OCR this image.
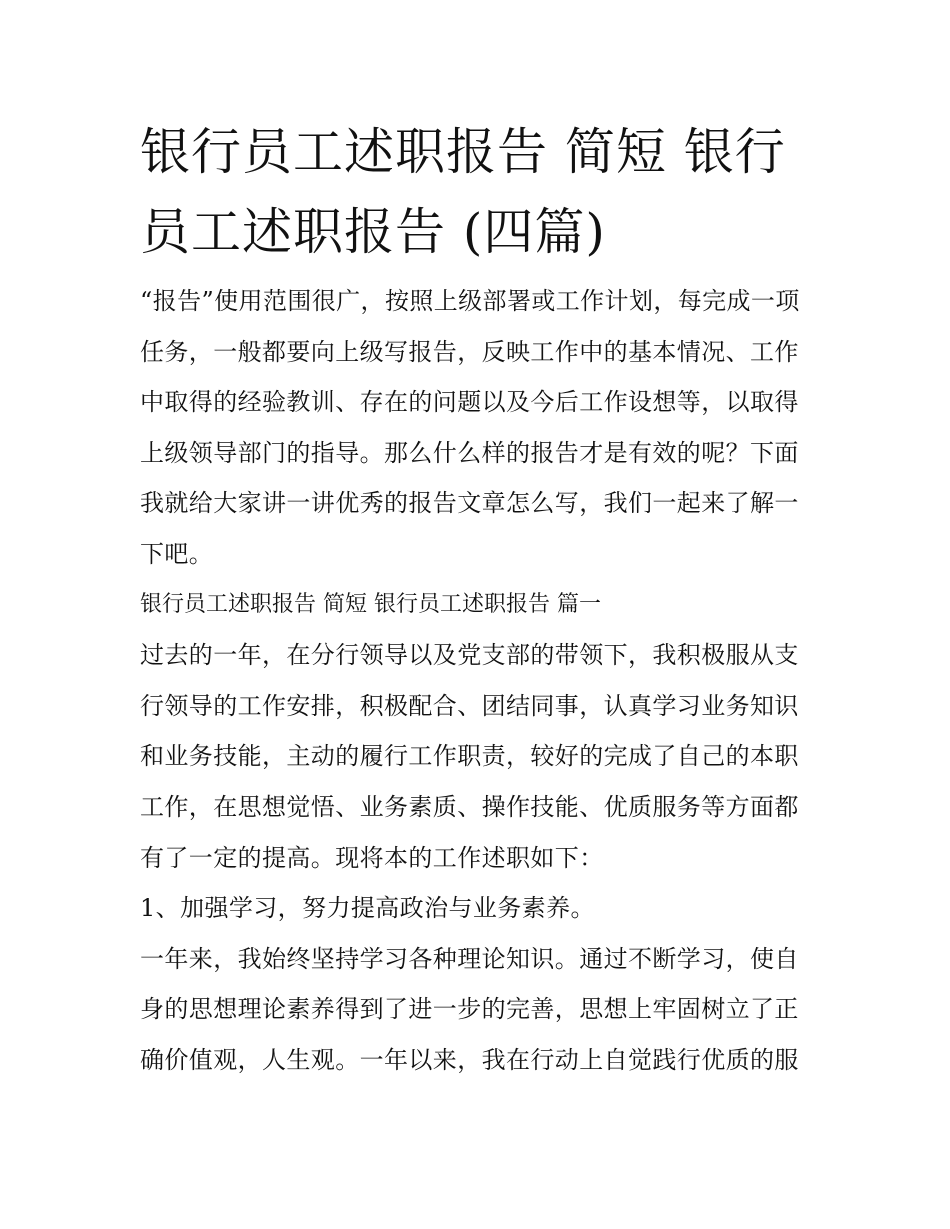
银行员工述职报告 简短 银行
员工述职报告 (四篇)

“报告”使用范围很广，按照上级部署或工作计划，每完成一项
任务，一般都要向上级写报告，反映工作中的基本情况、工作
中取得的经验教训、存在的问题以及今后工作设想等，以取得
上级领导部门的指导。那么什么样的报告才是有效的呢？下面
我就给大家讲一讲优秀的报告文章怎么写，我们一起来了解一
下吧。

银行员工述职报告 简短 银行员工述职报告 篇一

过去的一年，在分行领导以及党支部的带领下，我积极服从支
行领导的工作安排，积极配合、团结同事，认真学习业务知识
和业务技能，主动的履行工作职责，较好的完成了自己的本职
工作，在思想觉悟、业务素质、操作技能、优质服务等方面都
有了一定的提高。现将本的工作述职如下：

1、加强学习，努力提高政治与业务素养。

一年来，我始终坚持学习各种理论知识。通过不断学习，使自
身的思想理论素养得到了进一步的完善，思想上牢固树立了正
确价值观，人生观。一年以来，我在行动上自觉践行优质的服
